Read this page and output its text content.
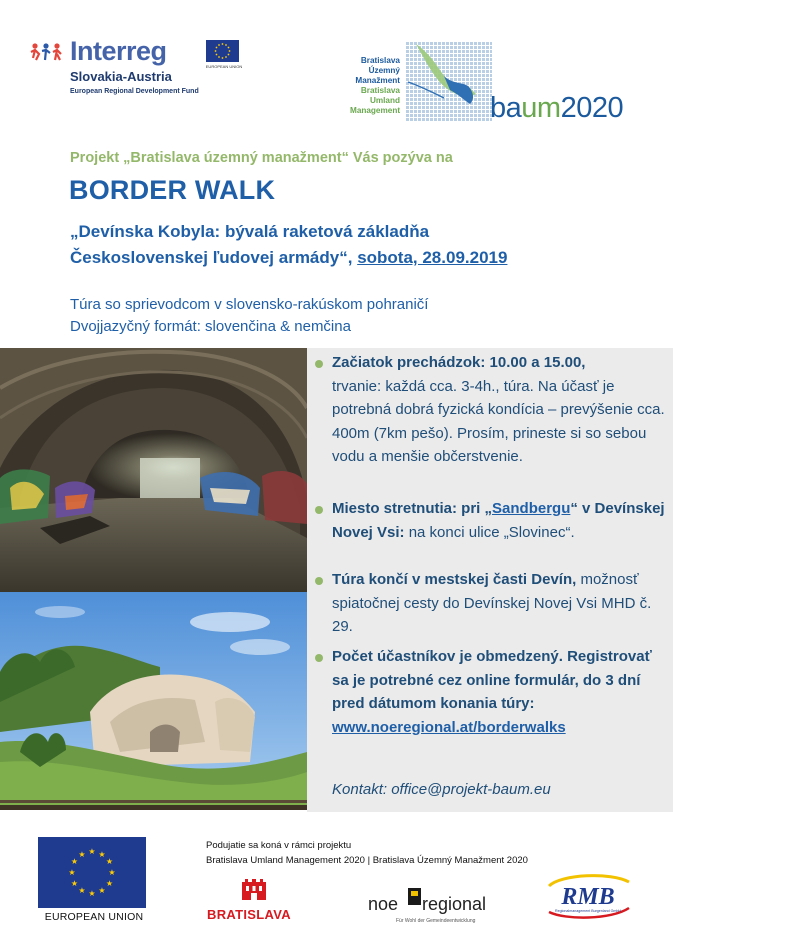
Interreg
EUROPEAN UNION
Slovakia-Austria
European Regional Development Fund
Bratislava
Územný
Manažment
Bratislava
Umland
Management	baum2020
Projekt „Bratislava územný manažment“ Vás pozýva na
BORDER WALK
„Devínska Kobyla: bývalá raketová základňa
Československej ľudovej armády“, sobota, 28.09.2019
Túra so sprievodcom v slovensko-rakúskom pohraničí
Dvojjazyčný formát: slovenčina & nemčina
Začiatok prechádzok: 10.00 a 15.00,
trvanie: každá cca. 3-4h., túra. Na účasť je potrebná dobrá fyzická kondícia – prevýšenie cca. 400m (7km pešo). Prosím, prineste si so sebou vodu a menšie občerstvenie.
Miesto stretnutia: pri „Sandbergu“ v Devínskej Novej Vsi: na konci ulice „Slovinec“.
Túra končí v mestskej časti Devín, možnosť spiatočnej cesty do Devínskej Novej Vsi MHD č. 29.
Počet účastníkov je obmedzený. Registrovať sa je potrebné cez online formulár, do 3 dní pred dátumom konania túry:
www.noeregional.at/borderwalks
Kontakt: office@projekt-baum.eu
★ ★
★
★
★
★
★
★
★
★
★
★
EUROPEAN UNION
Podujatie sa koná v rámci projektu
Bratislava Umland Management 2020 | Bratislava Územný Manažment 2020
BRATISLAVA
noe regional
Für Wohl der Gemeindeentwicklung
RMB
Regionalmanagement Burgenland GmbH
